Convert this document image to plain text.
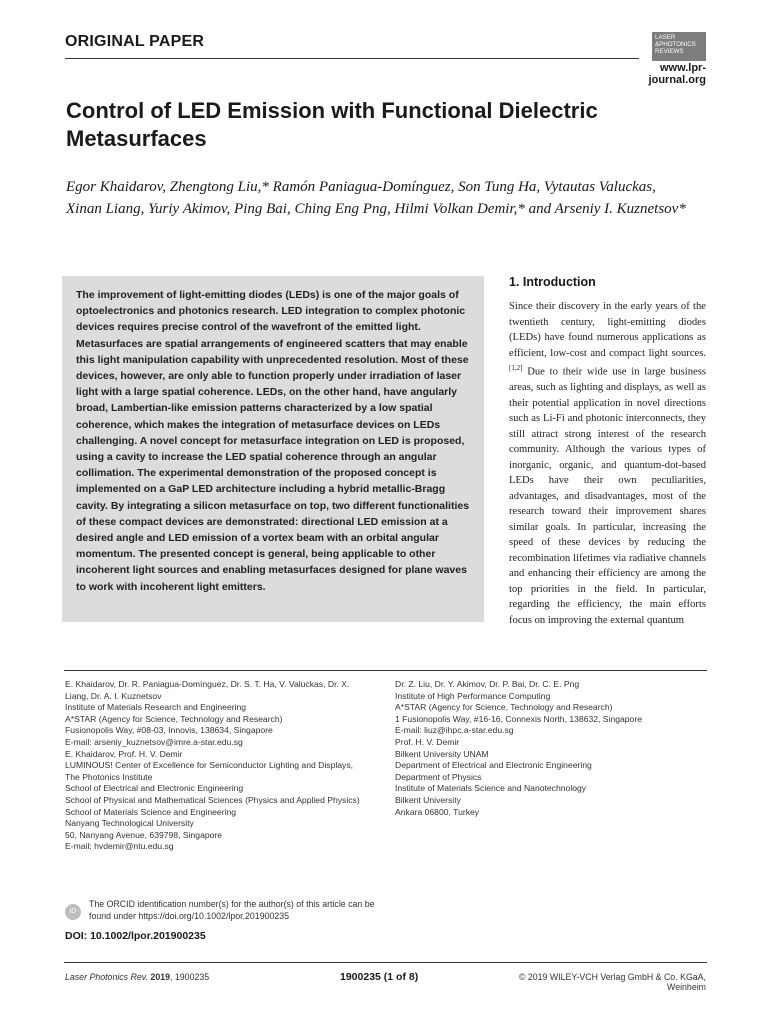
ORIGINAL PAPER	LASER
&PHOTONICS
REVIEWS
www.lpr-journal.org
Control of LED Emission with Functional Dielectric Metasurfaces
Egor Khaidarov, Zhengtong Liu,* Ramón Paniagua-Domínguez, Son Tung Ha, Vytautas Valuckas, Xinan Liang, Yuriy Akimov, Ping Bai, Ching Eng Png, Hilmi Volkan Demir,* and Arseniy I. Kuznetsov*
The improvement of light-emitting diodes (LEDs) is one of the major goals of optoelectronics and photonics research. LED integration to complex photonic devices requires precise control of the wavefront of the emitted light. Metasurfaces are spatial arrangements of engineered scatters that may enable this light manipulation capability with unprecedented resolution. Most of these devices, however, are only able to function properly under irradiation of laser light with a large spatial coherence. LEDs, on the other hand, have angularly broad, Lambertian-like emission patterns characterized by a low spatial coherence, which makes the integration of metasurface devices on LEDs challenging. A novel concept for metasurface integration on LED is proposed, using a cavity to increase the LED spatial coherence through an angular collimation. The experimental demonstration of the proposed concept is implemented on a GaP LED architecture including a hybrid metallic-Bragg cavity. By integrating a silicon metasurface on top, two different functionalities of these compact devices are demonstrated: directional LED emission at a desired angle and LED emission of a vortex beam with an orbital angular momentum. The presented concept is general, being applicable to other incoherent light sources and enabling metasurfaces designed for plane waves to work with incoherent light emitters.
1. Introduction
Since their discovery in the early years of the twentieth century, light-emitting diodes (LEDs) have found numerous applications as efficient, low-cost and compact light sources.[1,2] Due to their wide use in large business areas, such as lighting and displays, as well as their potential application in novel directions such as Li-Fi and photonic interconnects, they still attract strong interest of the research community. Although the various types of inorganic, organic, and quantum-dot-based LEDs have their own peculiarities, advantages, and disadvantages, most of the research toward their improvement shares similar goals. In particular, increasing the speed of these devices by reducing the recombination lifetimes via radiative channels and enhancing their efficiency are among the top priorities in the field. In particular, regarding the efficiency, the main efforts focus on improving the external quantum
E. Khaidarov, Dr. R. Paniagua-Domínguez, Dr. S. T. Ha, V. Valuckas, Dr. X. Liang, Dr. A. I. Kuznetsov
Institute of Materials Research and Engineering
A*STAR (Agency for Science, Technology and Research)
Fusionopolis Way, #08-03, Innovis, 138634, Singapore
E-mail: arseniy_kuznetsov@imre.a-star.edu.sg
E. Khaidarov, Prof. H. V. Demir
LUMINOUS! Center of Excellence for Semiconductor Lighting and Displays, The Photonics Institute
School of Electrical and Electronic Engineering
School of Physical and Mathematical Sciences (Physics and Applied Physics)
School of Materials Science and Engineering
Nanyang Technological University
50, Nanyang Avenue, 639798, Singapore
E-mail: hvdemir@ntu.edu.sg
Dr. Z. Liu, Dr. Y. Akimov, Dr. P. Bai, Dr. C. E. Png
Institute of High Performance Computing
A*STAR (Agency for Science, Technology and Research)
1 Fusionopolis Way, #16-16, Connexis North, 138632, Singapore
E-mail: liuz@ihpc.a-star.edu.sg
Prof. H. V. Demir
Bilkent University UNAM
Department of Electrical and Electronic Engineering
Department of Physics
Institute of Materials Science and Nanotechnology
Bilkent University
Ankara 06800, Turkey
iD
The ORCID identification number(s) for the author(s) of this article can be found under https://doi.org/10.1002/lpor.201900235
DOI: 10.1002/lpor.201900235
Laser Photonics Rev. 2019, 1900235	1900235 (1 of 8)	© 2019 WILEY-VCH Verlag GmbH & Co. KGaA, Weinheim
